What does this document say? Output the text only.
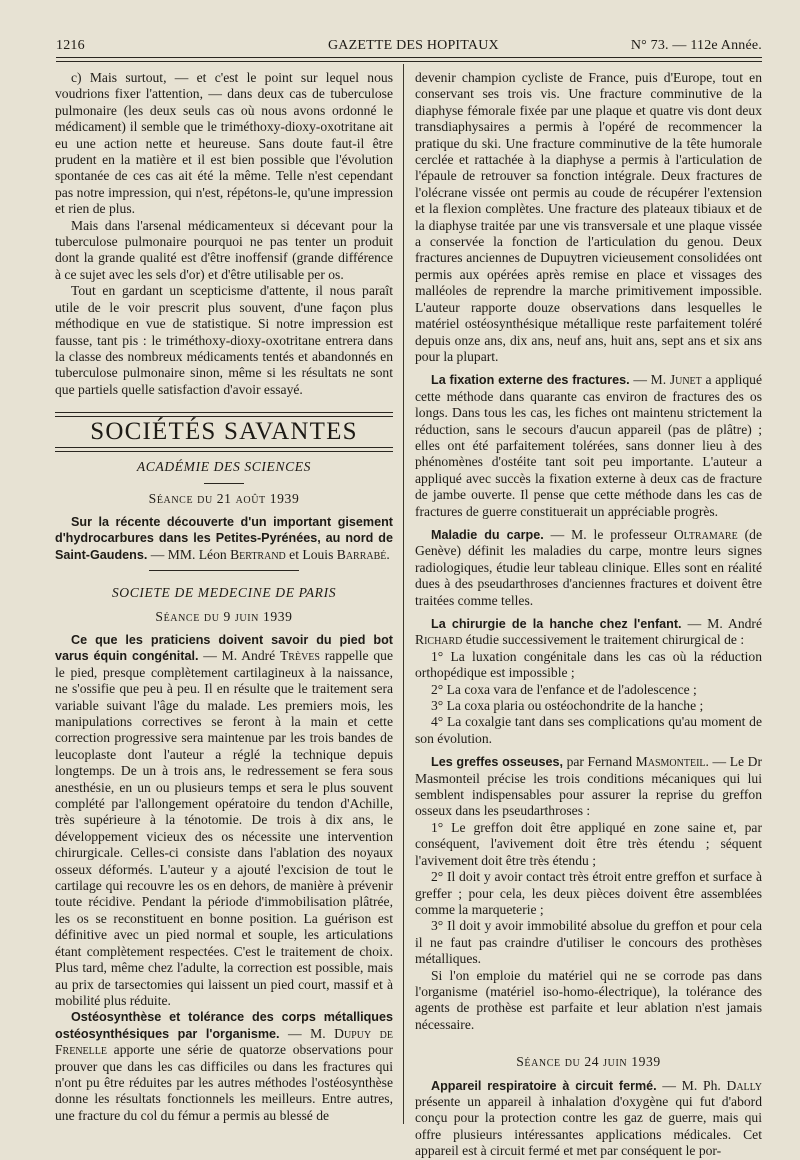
1216	GAZETTE DES HOPITAUX	N° 73. — 112e Année.

c) Mais surtout, — et c'est le point sur lequel nous voudrions fixer l'attention, — dans deux cas de tuberculose pulmonaire (les deux seuls cas où nous avons ordonné le médicament) il semble que le triméthoxy-dioxy-oxotritane ait eu une action nette et heureuse. Sans doute faut-il être prudent en la matière et il est bien possible que l'évolution spontanée de ces cas ait été la même. Telle n'est cependant pas notre impression, qui n'est, répétons-le, qu'une impression et rien de plus.

Mais dans l'arsenal médicamenteux si décevant pour la tuberculose pulmonaire pourquoi ne pas tenter un produit dont la grande qualité est d'être inoffensif (grande différence à ce sujet avec les sels d'or) et d'être utilisable per os.

Tout en gardant un scepticisme d'attente, il nous paraît utile de le voir prescrit plus souvent, d'une façon plus méthodique en vue de statistique. Si notre impression est fausse, tant pis : le triméthoxy-dioxy-oxotritane entrera dans la classe des nombreux médicaments tentés et abandonnés en tuberculose pulmonaire sinon, même si les résultats ne sont que partiels quelle satisfaction d'avoir essayé.

SOCIÉTÉS SAVANTES

ACADÉMIE DES SCIENCES

Séance du 21 août 1939

Sur la récente découverte d'un important gisement d'hydrocarbures dans les Petites-Pyrénées, au nord de Saint-Gaudens. — MM. Léon Bertrand et Louis Barrabé.

SOCIETE DE MEDECINE DE PARIS

Séance du 9 juin 1939

Ce que les praticiens doivent savoir du pied bot varus équin congénital. — M. André Trèves rappelle que le pied, presque complètement cartilagineux à la naissance, ne s'ossifie que peu à peu. Il en résulte que le traitement sera variable suivant l'âge du malade. Les premiers mois, les manipulations correctives se feront à la main et cette correction progressive sera maintenue par les trois bandes de leucoplaste dont l'auteur a réglé la technique depuis longtemps. De un à trois ans, le redressement se fera sous anesthésie, en un ou plusieurs temps et sera le plus souvent complété par l'allongement opératoire du tendon d'Achille, très supérieure à la ténotomie. De trois à dix ans, le développement vicieux des os nécessite une intervention chirurgicale. Celles-ci consiste dans l'ablation des noyaux osseux déformés. L'auteur y a ajouté l'excision de tout le cartilage qui recouvre les os en dehors, de manière à prévenir toute récidive. Pendant la période d'immobilisation plâtrée, les os se reconstituent en bonne position. La guérison est définitive avec un pied normal et souple, les articulations étant complètement respectées. C'est le traitement de choix. Plus tard, même chez l'adulte, la correction est possible, mais au prix de tarsectomies qui laissent un pied court, massif et à mobilité plus réduite.

Ostéosynthèse et tolérance des corps métalliques ostéosynthésiques par l'organisme. — M. Dupuy de Frenelle apporte une série de quatorze observations pour prouver que dans les cas difficiles ou dans les fractures qui n'ont pu être réduites par les autres méthodes l'ostéosynthèse donne les résultats fonctionnels les meilleurs. Entre autres, une fracture du col du fémur a permis au blessé de

devenir champion cycliste de France, puis d'Europe, tout en conservant ses trois vis. Une fracture comminutive de la diaphyse fémorale fixée par une plaque et quatre vis dont deux transdiaphysaires a permis à l'opéré de recommencer la pratique du ski. Une fracture comminutive de la tête humorale cerclée et rattachée à la diaphyse a permis à l'articulation de l'épaule de retrouver sa fonction intégrale. Deux fractures de l'olécrane vissée ont permis au coude de récupérer l'extension et la flexion complètes. Une fracture des plateaux tibiaux et de la diaphyse traitée par une vis transversale et une plaque vissée a conservée la fonction de l'articulation du genou. Deux fractures anciennes de Dupuytren vicieusement consolidées ont permis aux opérées après remise en place et vissages des malléoles de reprendre la marche primitivement impossible. L'auteur rapporte douze observations dans lesquelles le matériel ostéosynthésique métallique reste parfaitement toléré depuis onze ans, dix ans, neuf ans, huit ans, sept ans et six ans pour la plupart.

La fixation externe des fractures. — M. Junet a appliqué cette méthode dans quarante cas environ de fractures des os longs. Dans tous les cas, les fiches ont maintenu strictement la réduction, sans le secours d'aucun appareil (pas de plâtre) ; elles ont été parfaitement tolérées, sans donner lieu à des phénomènes d'ostéite tant soit peu importante. L'auteur a appliqué avec succès la fixation externe à deux cas de fracture de jambe ouverte. Il pense que cette méthode dans les cas de fractures de guerre constituerait un appréciable progrès.

Maladie du carpe. — M. le professeur Oltramare (de Genève) définit les maladies du carpe, montre leurs signes radiologiques, étudie leur tableau clinique. Elles sont en réalité dues à des pseudarthroses d'anciennes fractures et doivent être traitées comme telles.

La chirurgie de la hanche chez l'enfant. — M. André Richard étudie successivement le traitement chirurgical de :

1° La luxation congénitale dans les cas où la réduction orthopédique est impossible ;

2° La coxa vara de l'enfance et de l'adolescence ;

3° La coxa plaria ou ostéochondrite de la hanche ;

4° La coxalgie tant dans ses complications qu'au moment de son évolution.

Les greffes osseuses, par Fernand Masmonteil. — Le Dr Masmonteil précise les trois conditions mécaniques qui lui semblent indispensables pour assurer la reprise du greffon osseux dans les pseudarthroses :

1° Le greffon doit être appliqué en zone saine et, par conséquent, l'avivement doit être très étendu ; séquent l'avivement doit être très étendu ;

2° Il doit y avoir contact très étroit entre greffon et surface à greffer ; pour cela, les deux pièces doivent être assemblées comme la marqueterie ;

3° Il doit y avoir immobilité absolue du greffon et pour cela il ne faut pas craindre d'utiliser le concours des prothèses métalliques.

Si l'on emploie du matériel qui ne se corrode pas dans l'organisme (matériel iso-homo-électrique), la tolérance des agents de prothèse est parfaite et leur ablation n'est jamais nécessaire.

Séance du 24 juin 1939

Appareil respiratoire à circuit fermé. — M. Ph. Dally présente un appareil à inhalation d'oxygène qui fut d'abord conçu pour la protection contre les gaz de guerre, mais qui offre plusieurs intéressantes applications médicales. Cet appareil est à circuit fermé et met par conséquent le por-
